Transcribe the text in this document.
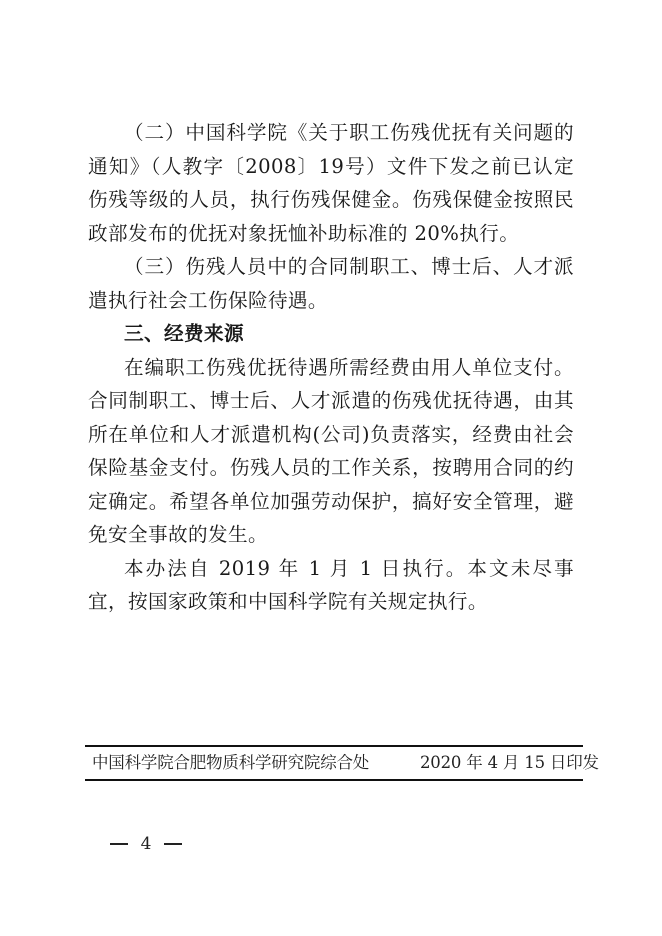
（二）中国科学院《关于职工伤残优抚有关问题的通知》（人教字〔2008〕19号）文件下发之前已认定伤残等级的人员，执行伤残保健金。伤残保健金按照民政部发布的优抚对象抚恤补助标准的 20%执行。

（三）伤残人员中的合同制职工、博士后、人才派遣执行社会工伤保险待遇。

三、经费来源

在编职工伤残优抚待遇所需经费由用人单位支付。合同制职工、博士后、人才派遣的伤残优抚待遇，由其所在单位和人才派遣机构(公司)负责落实，经费由社会保险基金支付。伤残人员的工作关系，按聘用合同的约定确定。希望各单位加强劳动保护，搞好安全管理，避免安全事故的发生。

本办法自 2019 年 1 月 1 日执行。本文未尽事宜，按国家政策和中国科学院有关规定执行。

中国科学院合肥物质科学研究院综合处	2020 年 4 月 15 日印发
4
